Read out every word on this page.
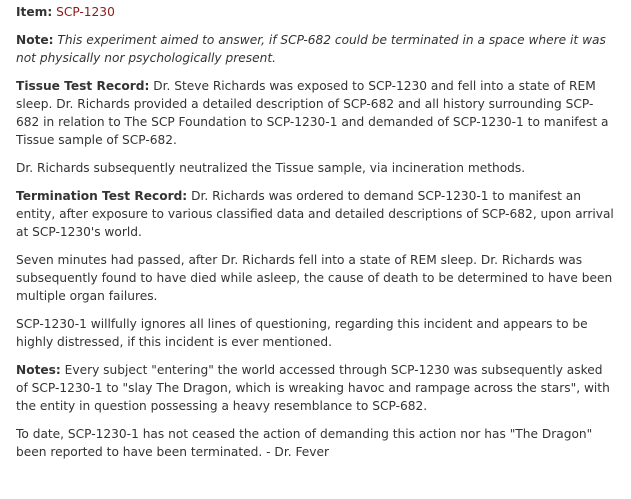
Item: SCP-1230

Note: This experiment aimed to answer, if SCP-682 could be terminated in a space where it was not physically nor psychologically present.

Tissue Test Record: Dr. Steve Richards was exposed to SCP-1230 and fell into a state of REM sleep. Dr. Richards provided a detailed description of SCP-682 and all history surrounding SCP-682 in relation to The SCP Foundation to SCP-1230-1 and demanded of SCP-1230-1 to manifest a Tissue sample of SCP-682.

Dr. Richards subsequently neutralized the Tissue sample, via incineration methods.

Termination Test Record: Dr. Richards was ordered to demand SCP-1230-1 to manifest an entity, after exposure to various classified data and detailed descriptions of SCP-682, upon arrival at SCP-1230's world.

Seven minutes had passed, after Dr. Richards fell into a state of REM sleep. Dr. Richards was subsequently found to have died while asleep, the cause of death to be determined to have been multiple organ failures.

SCP-1230-1 willfully ignores all lines of questioning, regarding this incident and appears to be highly distressed, if this incident is ever mentioned.

Notes: Every subject "entering" the world accessed through SCP-1230 was subsequently asked of SCP-1230-1 to "slay The Dragon, which is wreaking havoc and rampage across the stars", with the entity in question possessing a heavy resemblance to SCP-682.

To date, SCP-1230-1 has not ceased the action of demanding this action nor has "The Dragon" been reported to have been terminated. - Dr. Fever
